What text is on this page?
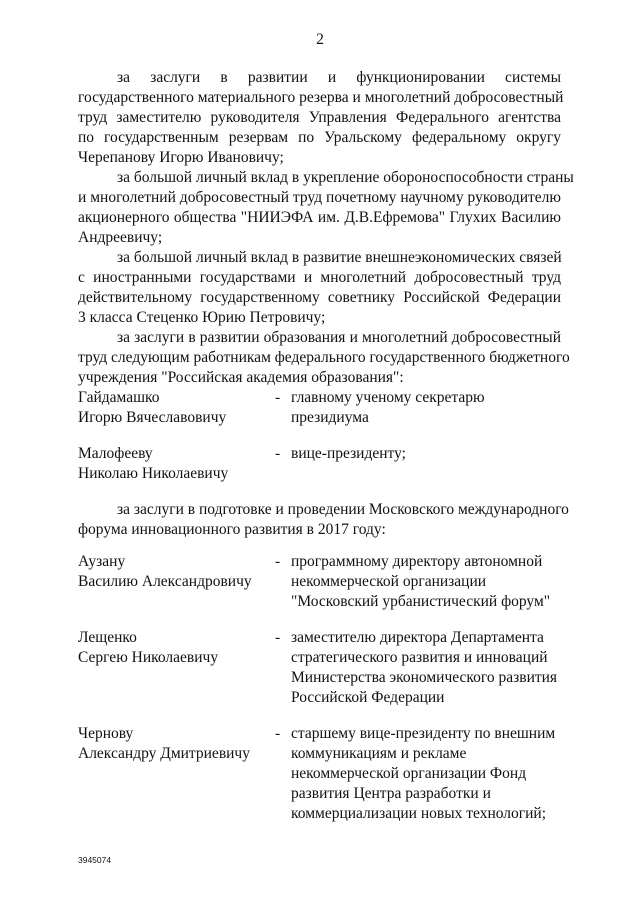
2
за заслуги в развитии и функционировании системы
государственного материального резерва и многолетний добросовестный
труд заместителю руководителя Управления Федерального агентства
по государственным резервам по Уральскому федеральному округу
Черепанову Игорю Ивановичу;
за большой личный вклад в укрепление обороноспособности страны
и многолетний добросовестный труд почетному научному руководителю
акционерного общества "НИИЭФА им. Д.В.Ефремова" Глухих Василию
Андреевичу;
за большой личный вклад в развитие внешнеэкономических связей
с иностранными государствами и многолетний добросовестный труд
действительному государственному советнику Российской Федерации
3 класса Стеценко Юрию Петровичу;
за заслуги в развитии образования и многолетний добросовестный
труд следующим работникам федерального государственного бюджетного
учреждения "Российская академия образования":
Гайдамашко
Игорю Вячеславовичу
- главному ученому секретарю
президиума
Малофееву
Николаю Николаевичу
- вице-президенту;
за заслуги в подготовке и проведении Московского международного
форума инновационного развития в 2017 году:
Аузану
Василию Александровичу
- программному директору автономной
некоммерческой организации
"Московский урбанистический форум"
Лещенко
Сергею Николаевичу
- заместителю директора Департамента
стратегического развития и инноваций
Министерства экономического развития
Российской Федерации
Чернову
Александру Дмитриевичу
- старшему вице-президенту по внешним
коммуникациям и рекламе
некоммерческой организации Фонд
развития Центра разработки и
коммерциализации новых технологий;
3945074
